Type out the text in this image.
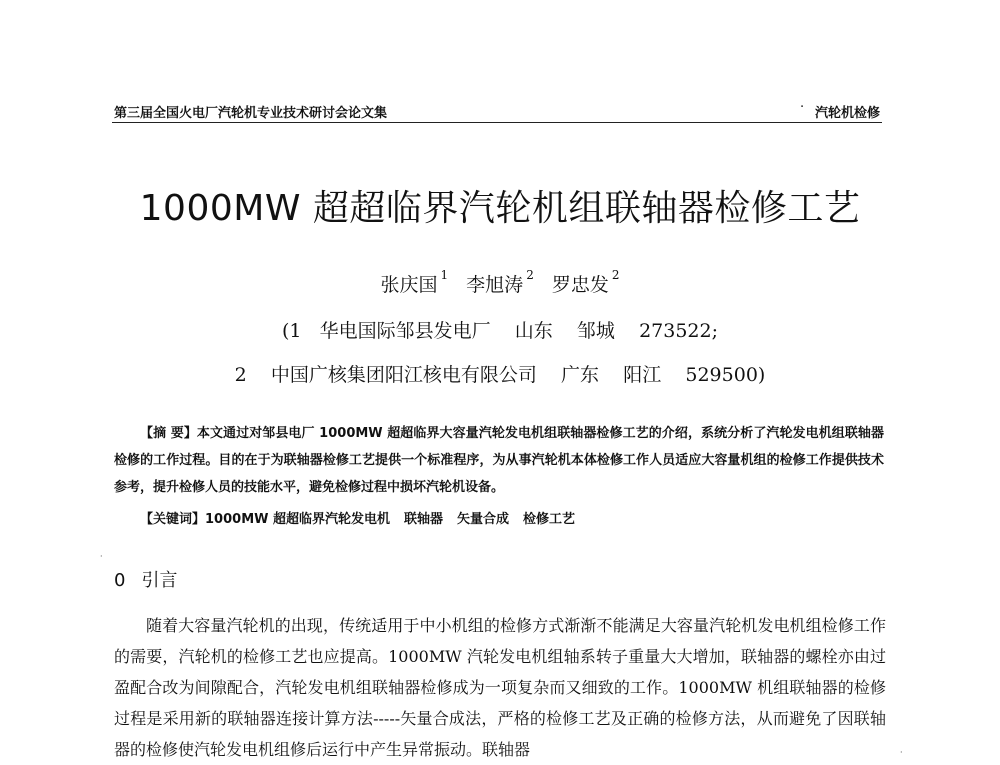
第三届全国火电厂汽轮机专业技术研讨会论文集	· 汽轮机检修
1000MW 超超临界汽轮机组联轴器检修工艺
张庆国 $^1$ 李旭涛 $^2$ 罗忠发 $^2$
(1   华电国际邹县发电厂    山东    邹城    273522;
2    中国广核集团阳江核电有限公司    广东    阳江    529500)

【摘 要】本文通过对邹县电厂 1000MW 超超临界大容量汽轮发电机组联轴器检修工艺的介绍，系统分析了汽轮发电机组联轴器检修的工作过程。目的在于为联轴器检修工艺提供一个标准程序，为从事汽轮机本体检修工作人员适应大容量机组的检修工作提供技术参考，提升检修人员的技能水平，避免检修过程中损坏汽轮机设备。

【关键词】1000MW 超超临界汽轮发电机 联轴器 矢量合成 检修工艺
0 引言

随着大容量汽轮机的出现，传统适用于中小机组的检修方式渐渐不能满足大容量汽轮机发电机组检修工作的需要，汽轮机的检修工艺也应提高。1000MW 汽轮发电机组轴系转子重量大大增加，联轴器的螺栓亦由过盈配合改为间隙配合，汽轮发电机组联轴器检修成为一项复杂而又细致的工作。1000MW 机组联轴器的检修过程是采用新的联轴器连接计算方法-----矢量合成法，严格的检修工艺及正确的检修方法，从而避免了因联轴器的检修使汽轮发电机组修后运行中产生异常振动。联轴器

·
·
